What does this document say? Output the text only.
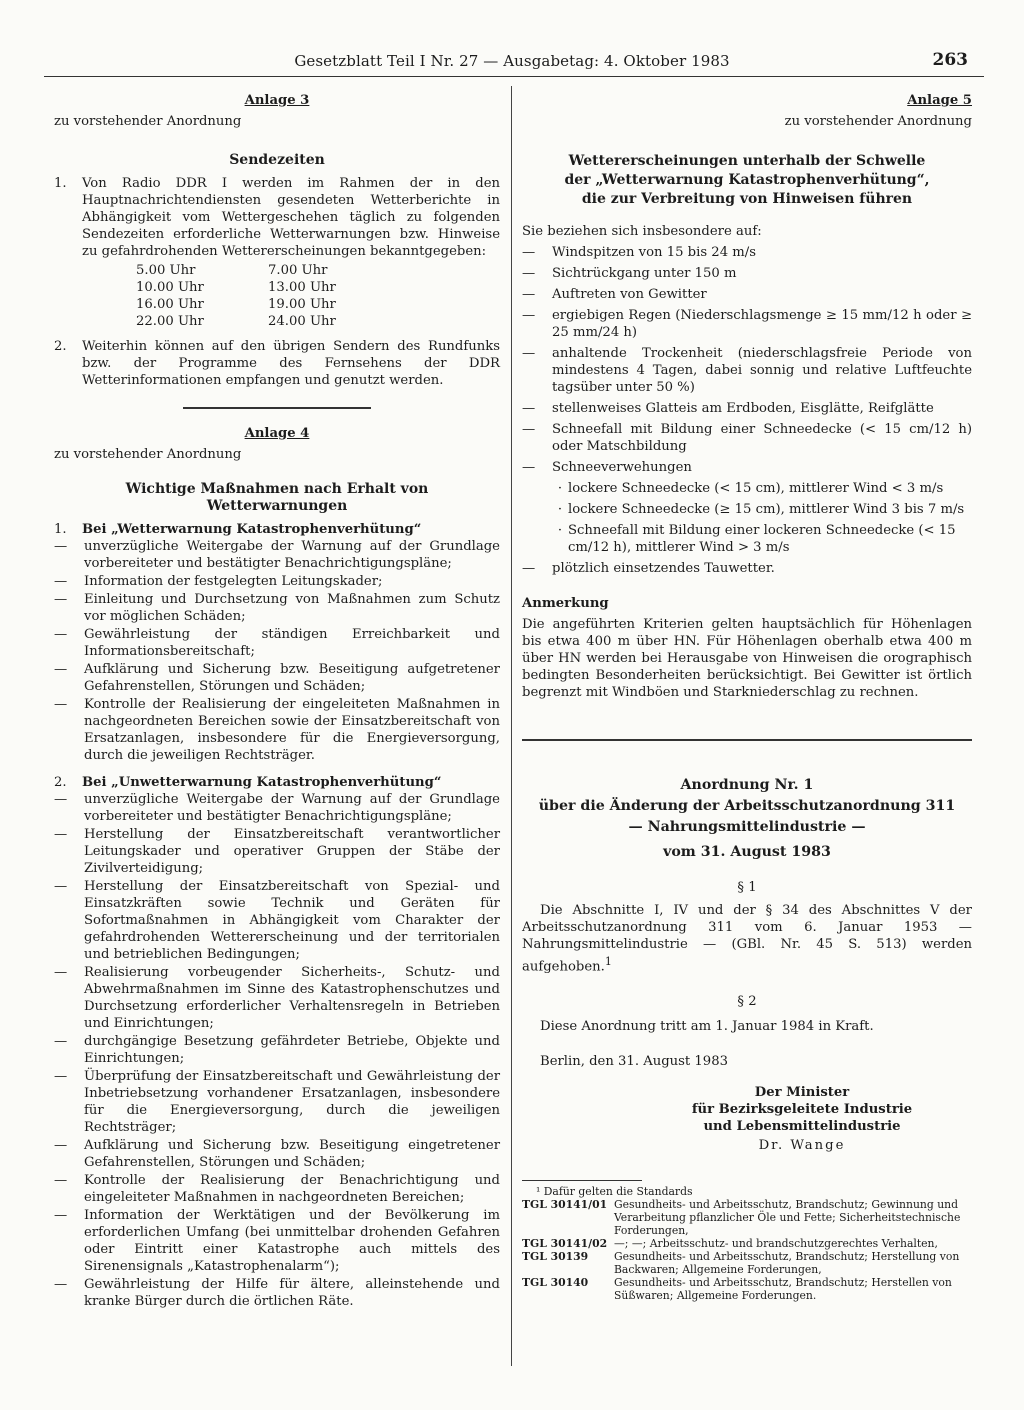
Gesetzblatt Teil I Nr. 27 — Ausgabetag: 4. Oktober 1983	263

Anlage 3

zu vorstehender Anordnung

Sendezeiten

1.	Von Radio DDR I werden im Rahmen der in den Hauptnachrichtendiensten gesendeten Wetterberichte in Abhängigkeit vom Wettergeschehen täglich zu folgenden Sendezeiten erforderliche Wetterwarnungen bzw. Hinweise zu gefahrdrohenden Wettererscheinungen bekanntgegeben:

5.00 Uhr	7.00 Uhr
10.00 Uhr	13.00 Uhr
16.00 Uhr	19.00 Uhr
22.00 Uhr	24.00 Uhr
2.	Weiterhin können auf den übrigen Sendern des Rundfunks bzw. der Programme des Fernsehens der DDR Wetterinformationen empfangen und genutzt werden.

Anlage 4

zu vorstehender Anordnung

Wichtige Maßnahmen nach Erhalt von Wetterwarnungen

1.	Bei „Wetterwarnung Katastrophenverhütung“
—	unverzügliche Weitergabe der Warnung auf der Grundlage vorbereiteter und bestätigter Benachrichtigungspläne;
—	Information der festgelegten Leitungskader;
—	Einleitung und Durchsetzung von Maßnahmen zum Schutz vor möglichen Schäden;
—	Gewährleistung der ständigen Erreichbarkeit und Informationsbereitschaft;
—	Aufklärung und Sicherung bzw. Beseitigung aufgetretener Gefahrenstellen, Störungen und Schäden;
—	Kontrolle der Realisierung der eingeleiteten Maßnahmen in nachgeordneten Bereichen sowie der Einsatzbereitschaft von Ersatzanlagen, insbesondere für die Energieversorgung, durch die jeweiligen Rechtsträger.
2.	Bei „Unwetterwarnung Katastrophenverhütung“
—	unverzügliche Weitergabe der Warnung auf der Grundlage vorbereiteter und bestätigter Benachrichtigungspläne;
—	Herstellung der Einsatzbereitschaft verantwortlicher Leitungskader und operativer Gruppen der Stäbe der Zivilverteidigung;
—	Herstellung der Einsatzbereitschaft von Spezial- und Einsatzkräften sowie Technik und Geräten für Sofortmaßnahmen in Abhängigkeit vom Charakter der gefahrdrohenden Wettererscheinung und der territorialen und betrieblichen Bedingungen;
—	Realisierung vorbeugender Sicherheits-, Schutz- und Abwehrmaßnahmen im Sinne des Katastrophenschutzes und Durchsetzung erforderlicher Verhaltensregeln in Betrieben und Einrichtungen;
—	durchgängige Besetzung gefährdeter Betriebe, Objekte und Einrichtungen;
—	Überprüfung der Einsatzbereitschaft und Gewährleistung der Inbetriebsetzung vorhandener Ersatzanlagen, insbesondere für die Energieversorgung, durch die jeweiligen Rechtsträger;
—	Aufklärung und Sicherung bzw. Beseitigung eingetretener Gefahrenstellen, Störungen und Schäden;
—	Kontrolle der Realisierung der Benachrichtigung und eingeleiteter Maßnahmen in nachgeordneten Bereichen;
—	Information der Werktätigen und der Bevölkerung im erforderlichen Umfang (bei unmittelbar drohenden Gefahren oder Eintritt einer Katastrophe auch mittels des Sirenensignals „Katastrophenalarm“);
—	Gewährleistung der Hilfe für ältere, alleinstehende und kranke Bürger durch die örtlichen Räte.

Anlage 5

zu vorstehender Anordnung

Wettererscheinungen unterhalb der Schwelle

der „Wetterwarnung Katastrophenverhütung“,

die zur Verbreitung von Hinweisen führen

Sie beziehen sich insbesondere auf:

—	Windspitzen von 15 bis 24 m/s
—	Sichtrückgang unter 150 m
—	Auftreten von Gewitter
—	ergiebigen Regen (Niederschlagsmenge ≥ 15 mm/12 h oder ≥ 25 mm/24 h)
—	anhaltende Trockenheit (niederschlagsfreie Periode von mindestens 4 Tagen, dabei sonnig und relative Luftfeuchte tagsüber unter 50 %)
—	stellenweises Glatteis am Erdboden, Eisglätte, Reifglätte
—	Schneefall mit Bildung einer Schneedecke (< 15 cm/12 h) oder Matschbildung
—	Schneeverwehungen
· lockere Schneedecke (< 15 cm), mittlerer Wind < 3 m/s
· lockere Schneedecke (≥ 15 cm), mittlerer Wind 3 bis 7 m/s
· Schneefall mit Bildung einer lockeren Schneedecke (< 15 cm/12 h), mittlerer Wind > 3 m/s
—	plötzlich einsetzendes Tauwetter.

Anmerkung

Die angeführten Kriterien gelten hauptsächlich für Höhenlagen bis etwa 400 m über HN. Für Höhenlagen oberhalb etwa 400 m über HN werden bei Herausgabe von Hinweisen die orographisch bedingten Besonderheiten berücksichtigt. Bei Gewitter ist örtlich begrenzt mit Windböen und Starkniederschlag zu rechnen.

Anordnung Nr. 1

über die Änderung der Arbeitsschutzanordnung 311

— Nahrungsmittelindustrie —

vom 31. August 1983

§ 1

Die Abschnitte I, IV und der § 34 des Abschnittes V der Arbeitsschutzanordnung 311 vom 6. Januar 1953 — Nahrungsmittelindustrie — (GBl. Nr. 45 S. 513) werden aufgehoben.$^1$

§ 2

Diese Anordnung tritt am 1. Januar 1984 in Kraft.

Berlin, den 31. August 1983

Der Minister

für Bezirksgeleitete Industrie

und Lebensmittelindustrie

Dr. Wange

¹ Dafür gelten die Standards

TGL 30141/01 Gesundheits- und Arbeitsschutz, Brandschutz; Gewinnung und Verarbeitung pflanzlicher Öle und Fette; Sicherheitstechnische Forderungen,
TGL 30141/02 —; —; Arbeitsschutz- und brandschutzgerechtes Verhalten,
TGL 30139	Gesundheits- und Arbeitsschutz, Brandschutz; Herstellung von Backwaren; Allgemeine Forderungen,
TGL 30140	Gesundheits- und Arbeitsschutz, Brandschutz; Herstellen von Süßwaren; Allgemeine Forderungen.
